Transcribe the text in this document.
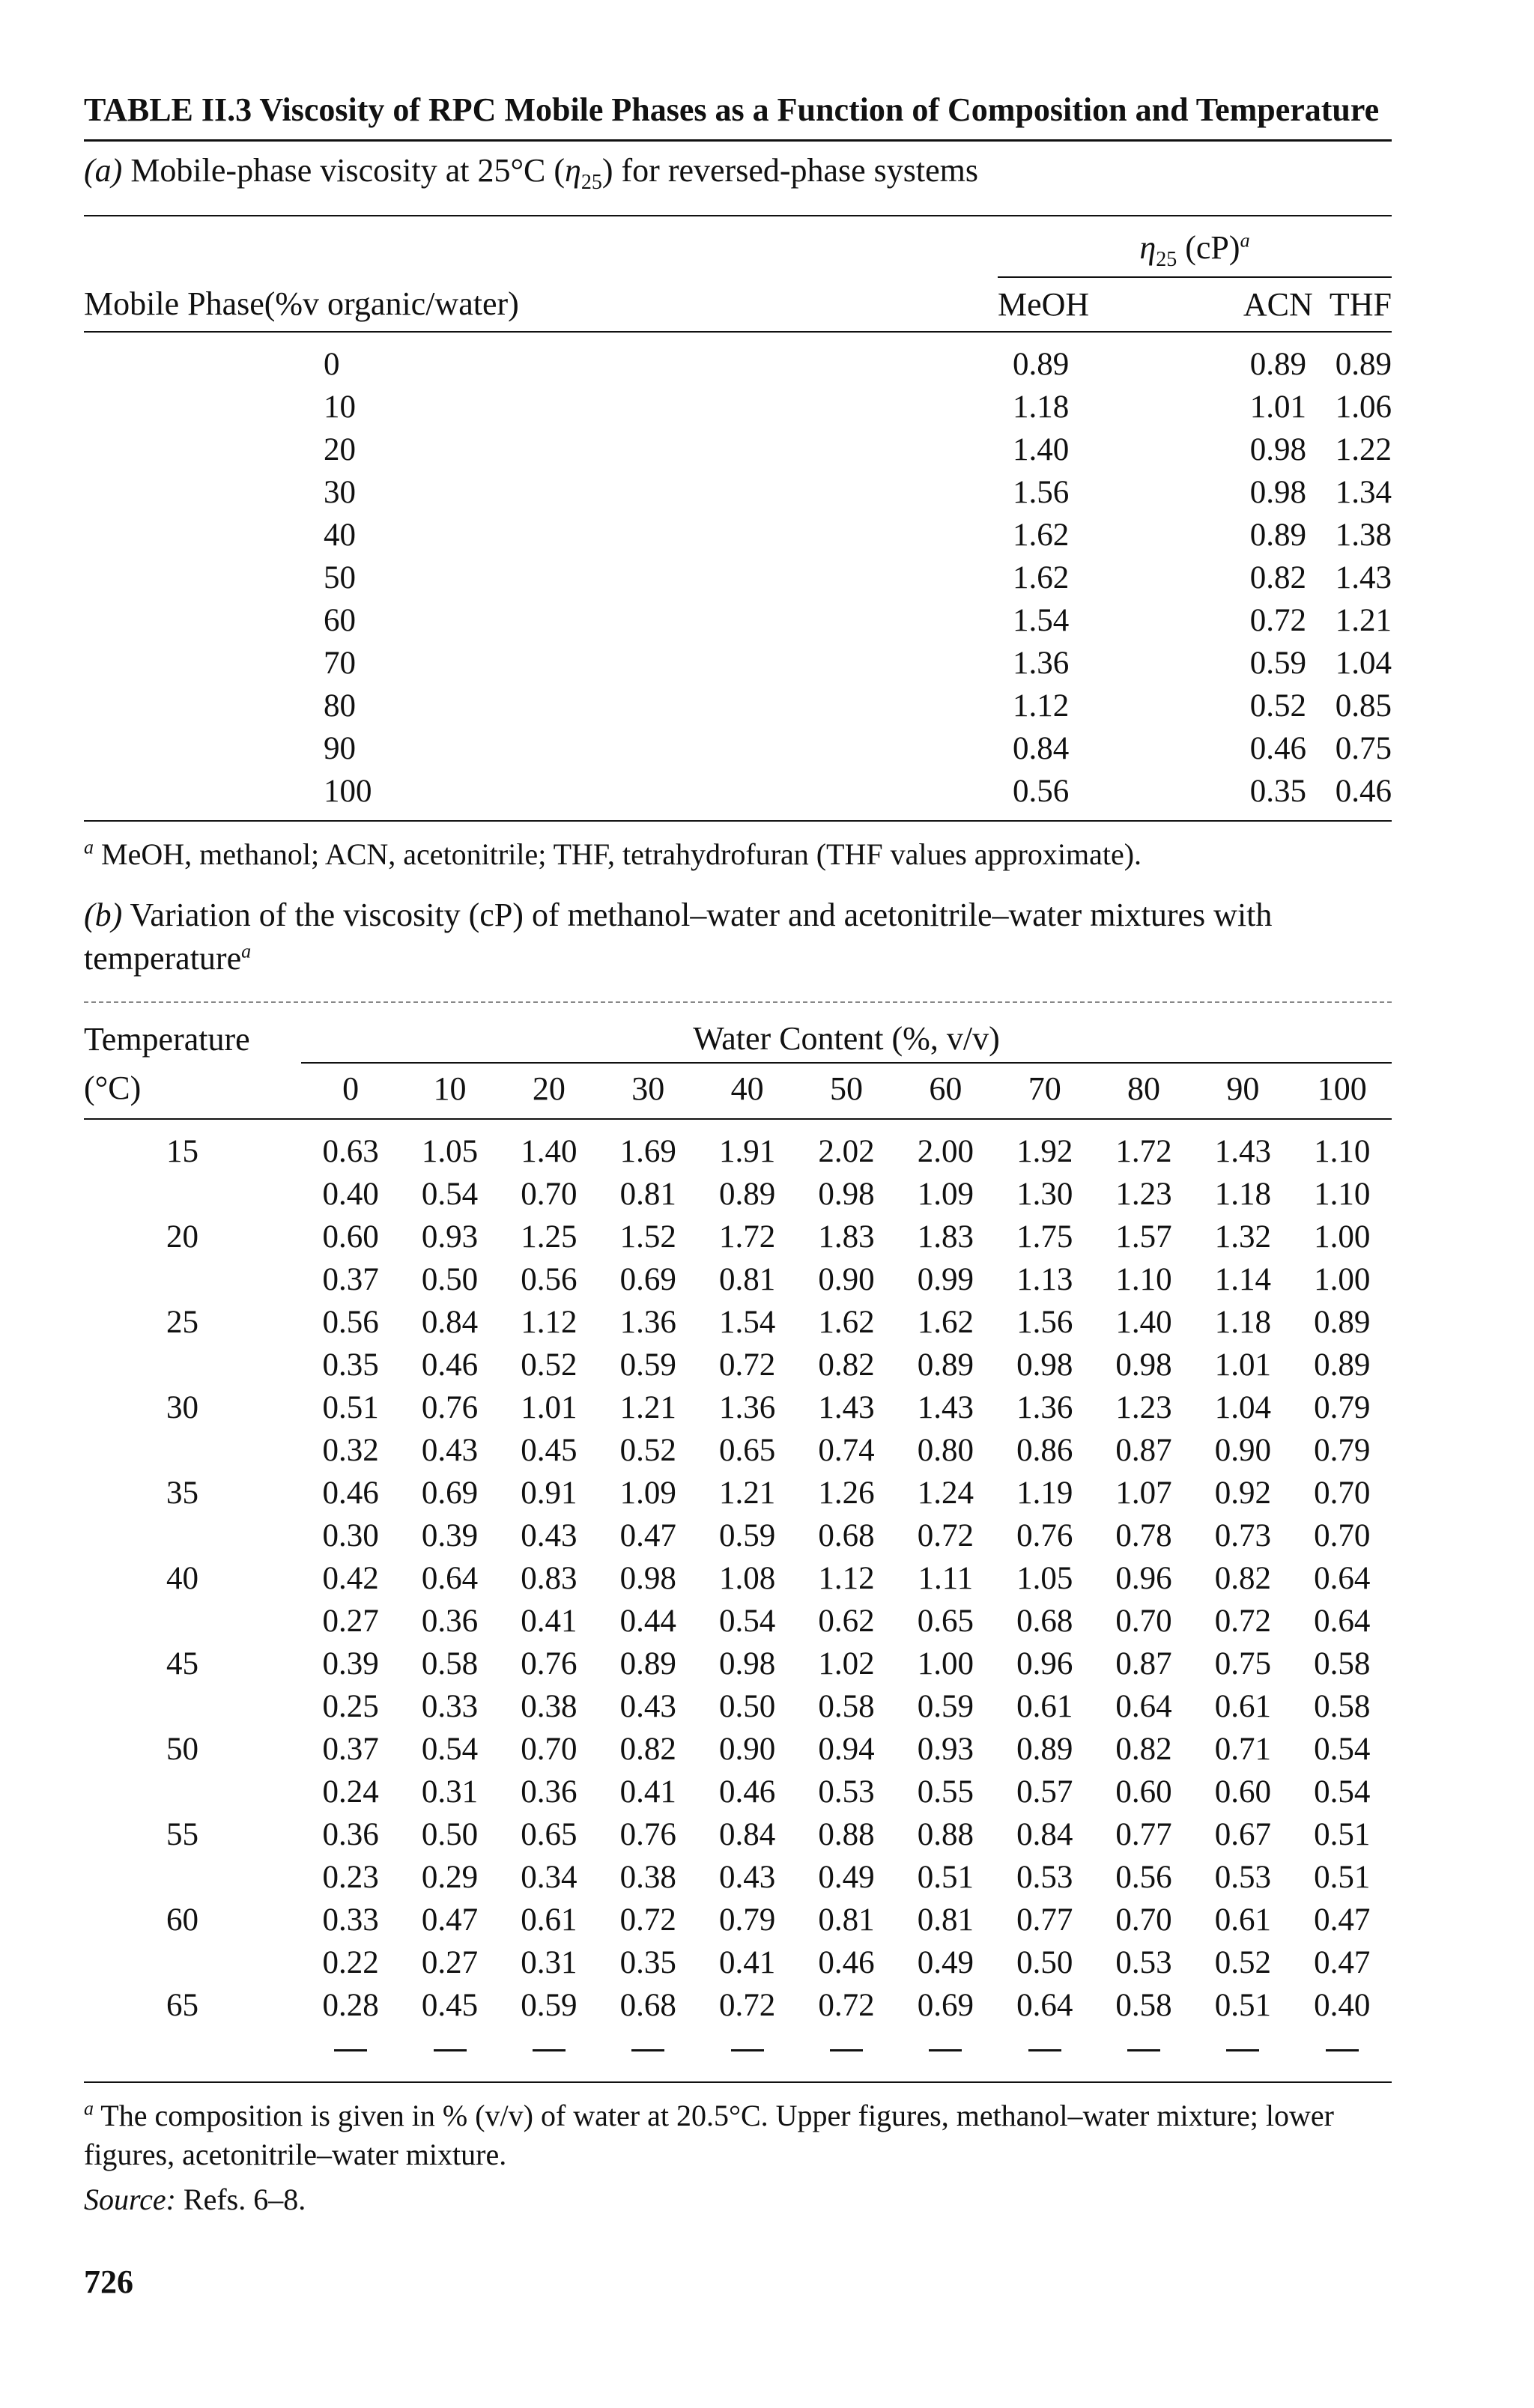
TABLE II.3 Viscosity of RPC Mobile Phases as a Function of Composition and Temperature

(a) Mobile-phase viscosity at 25°C $(\eta_{25})$ for reversed-phase systems
	$\eta_{25}$ (cP)$^a$
Mobile Phase(%v organic/water)	MeOH	ACN	THF
0	0.89	0.89	0.89
10	1.18	1.01	1.06
20	1.40	0.98	1.22
30	1.56	0.98	1.34
40	1.62	0.89	1.38
50	1.62	0.82	1.43
60	1.54	0.72	1.21
70	1.36	0.59	1.04
80	1.12	0.52	0.85
90	0.84	0.46	0.75
100	0.56	0.35	0.46
$^a$ MeOH, methanol; ACN, acetonitrile; THF, tetrahydrofuran (THF values approximate).
(b) Variation of the viscosity (cP) of methanol–water and acetonitrile–water mixtures with temperature$^a$
Temperature	Water Content (%, v/v)										
(°C)	0	10	20	30	40	50	60	70	80	90	100
15	0.63	1.05	1.40	1.69	1.91	2.02	2.00	1.92	1.72	1.43	1.10
	0.40	0.54	0.70	0.81	0.89	0.98	1.09	1.30	1.23	1.18	1.10
20	0.60	0.93	1.25	1.52	1.72	1.83	1.83	1.75	1.57	1.32	1.00
	0.37	0.50	0.56	0.69	0.81	0.90	0.99	1.13	1.10	1.14	1.00
25	0.56	0.84	1.12	1.36	1.54	1.62	1.62	1.56	1.40	1.18	0.89
	0.35	0.46	0.52	0.59	0.72	0.82	0.89	0.98	0.98	1.01	0.89
30	0.51	0.76	1.01	1.21	1.36	1.43	1.43	1.36	1.23	1.04	0.79
	0.32	0.43	0.45	0.52	0.65	0.74	0.80	0.86	0.87	0.90	0.79
35	0.46	0.69	0.91	1.09	1.21	1.26	1.24	1.19	1.07	0.92	0.70
	0.30	0.39	0.43	0.47	0.59	0.68	0.72	0.76	0.78	0.73	0.70
40	0.42	0.64	0.83	0.98	1.08	1.12	1.11	1.05	0.96	0.82	0.64
	0.27	0.36	0.41	0.44	0.54	0.62	0.65	0.68	0.70	0.72	0.64
45	0.39	0.58	0.76	0.89	0.98	1.02	1.00	0.96	0.87	0.75	0.58
	0.25	0.33	0.38	0.43	0.50	0.58	0.59	0.61	0.64	0.61	0.58
50	0.37	0.54	0.70	0.82	0.90	0.94	0.93	0.89	0.82	0.71	0.54
	0.24	0.31	0.36	0.41	0.46	0.53	0.55	0.57	0.60	0.60	0.54
55	0.36	0.50	0.65	0.76	0.84	0.88	0.88	0.84	0.77	0.67	0.51
	0.23	0.29	0.34	0.38	0.43	0.49	0.51	0.53	0.56	0.53	0.51
60	0.33	0.47	0.61	0.72	0.79	0.81	0.81	0.77	0.70	0.61	0.47
	0.22	0.27	0.31	0.35	0.41	0.46	0.49	0.50	0.53	0.52	0.47
65	0.28	0.45	0.59	0.68	0.72	0.72	0.69	0.64	0.58	0.51	0.40

$^a$ The composition is given in % (v/v) of water at 20.5°C. Upper figures, methanol–water mixture; lower figures, acetonitrile–water mixture.
Source: Refs. 6–8.
726
